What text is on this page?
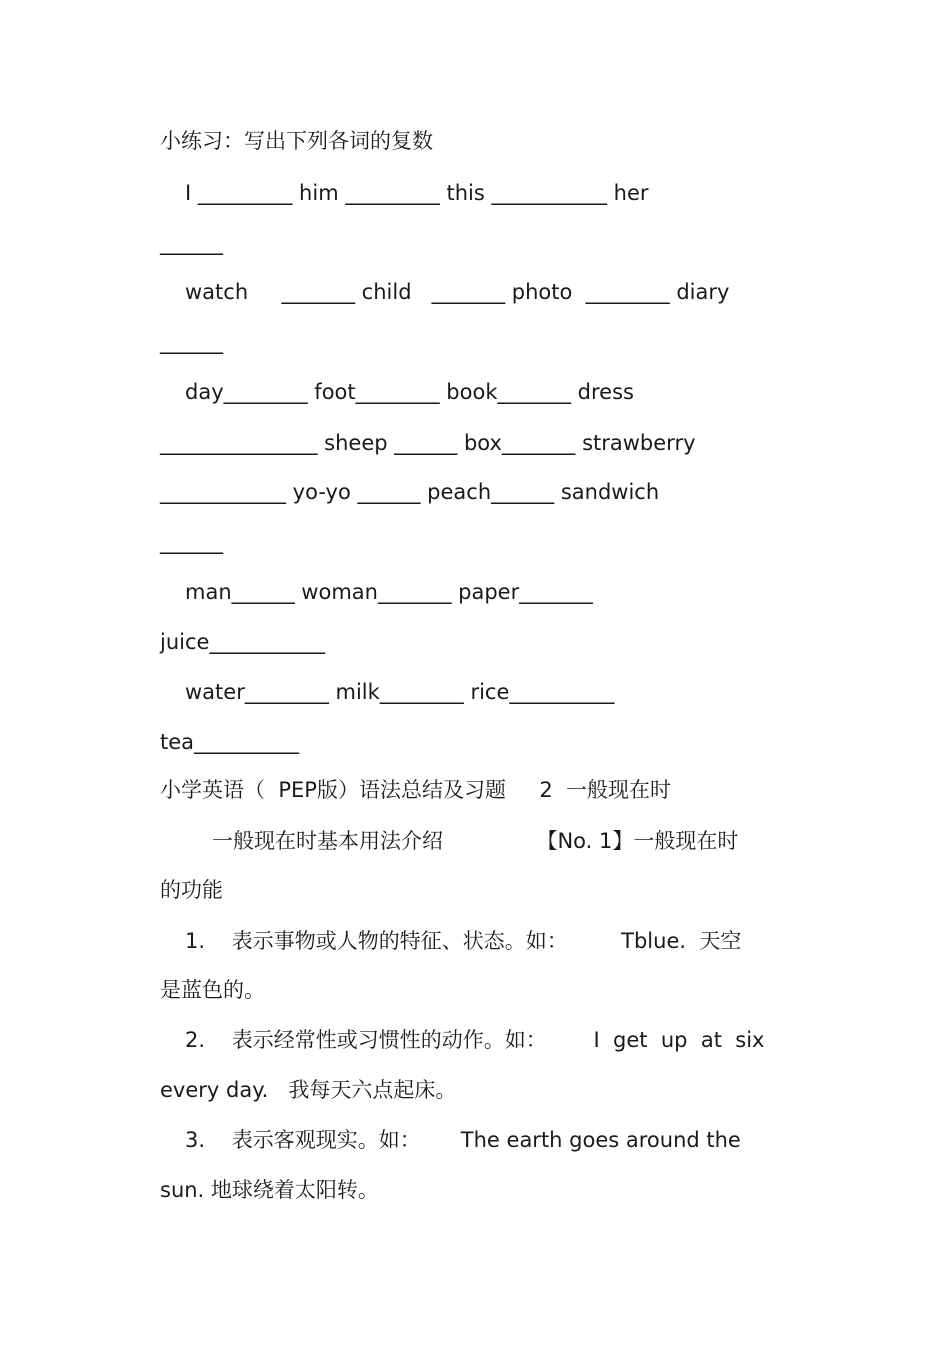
小练习：写出下列各词的复数

I _________ him _________ this ___________ her

______

watch     _______ child   _______ photo  ________ diary

______

day________ foot________ book_______ dress

_______________ sheep ______ box_______ strawberry

____________ yo-yo ______ peach______ sandwich

______

man______ woman_______ paper_______

juice___________

water________ milk________ rice__________

tea__________

小学英语（  PEP版）语法总结及习题     2  一般现在时

一般现在时基本用法介绍              【No. 1】一般现在时

的功能

1.    表示事物或人物的特征、状态。如：        Tblue.  天空

是蓝色的。

2.    表示经常性或习惯性的动作。如：       I  get  up  at  six

every day.   我每天六点起床。

3.    表示客观现实。如：      The earth goes around the

sun. 地球绕着太阳转。
